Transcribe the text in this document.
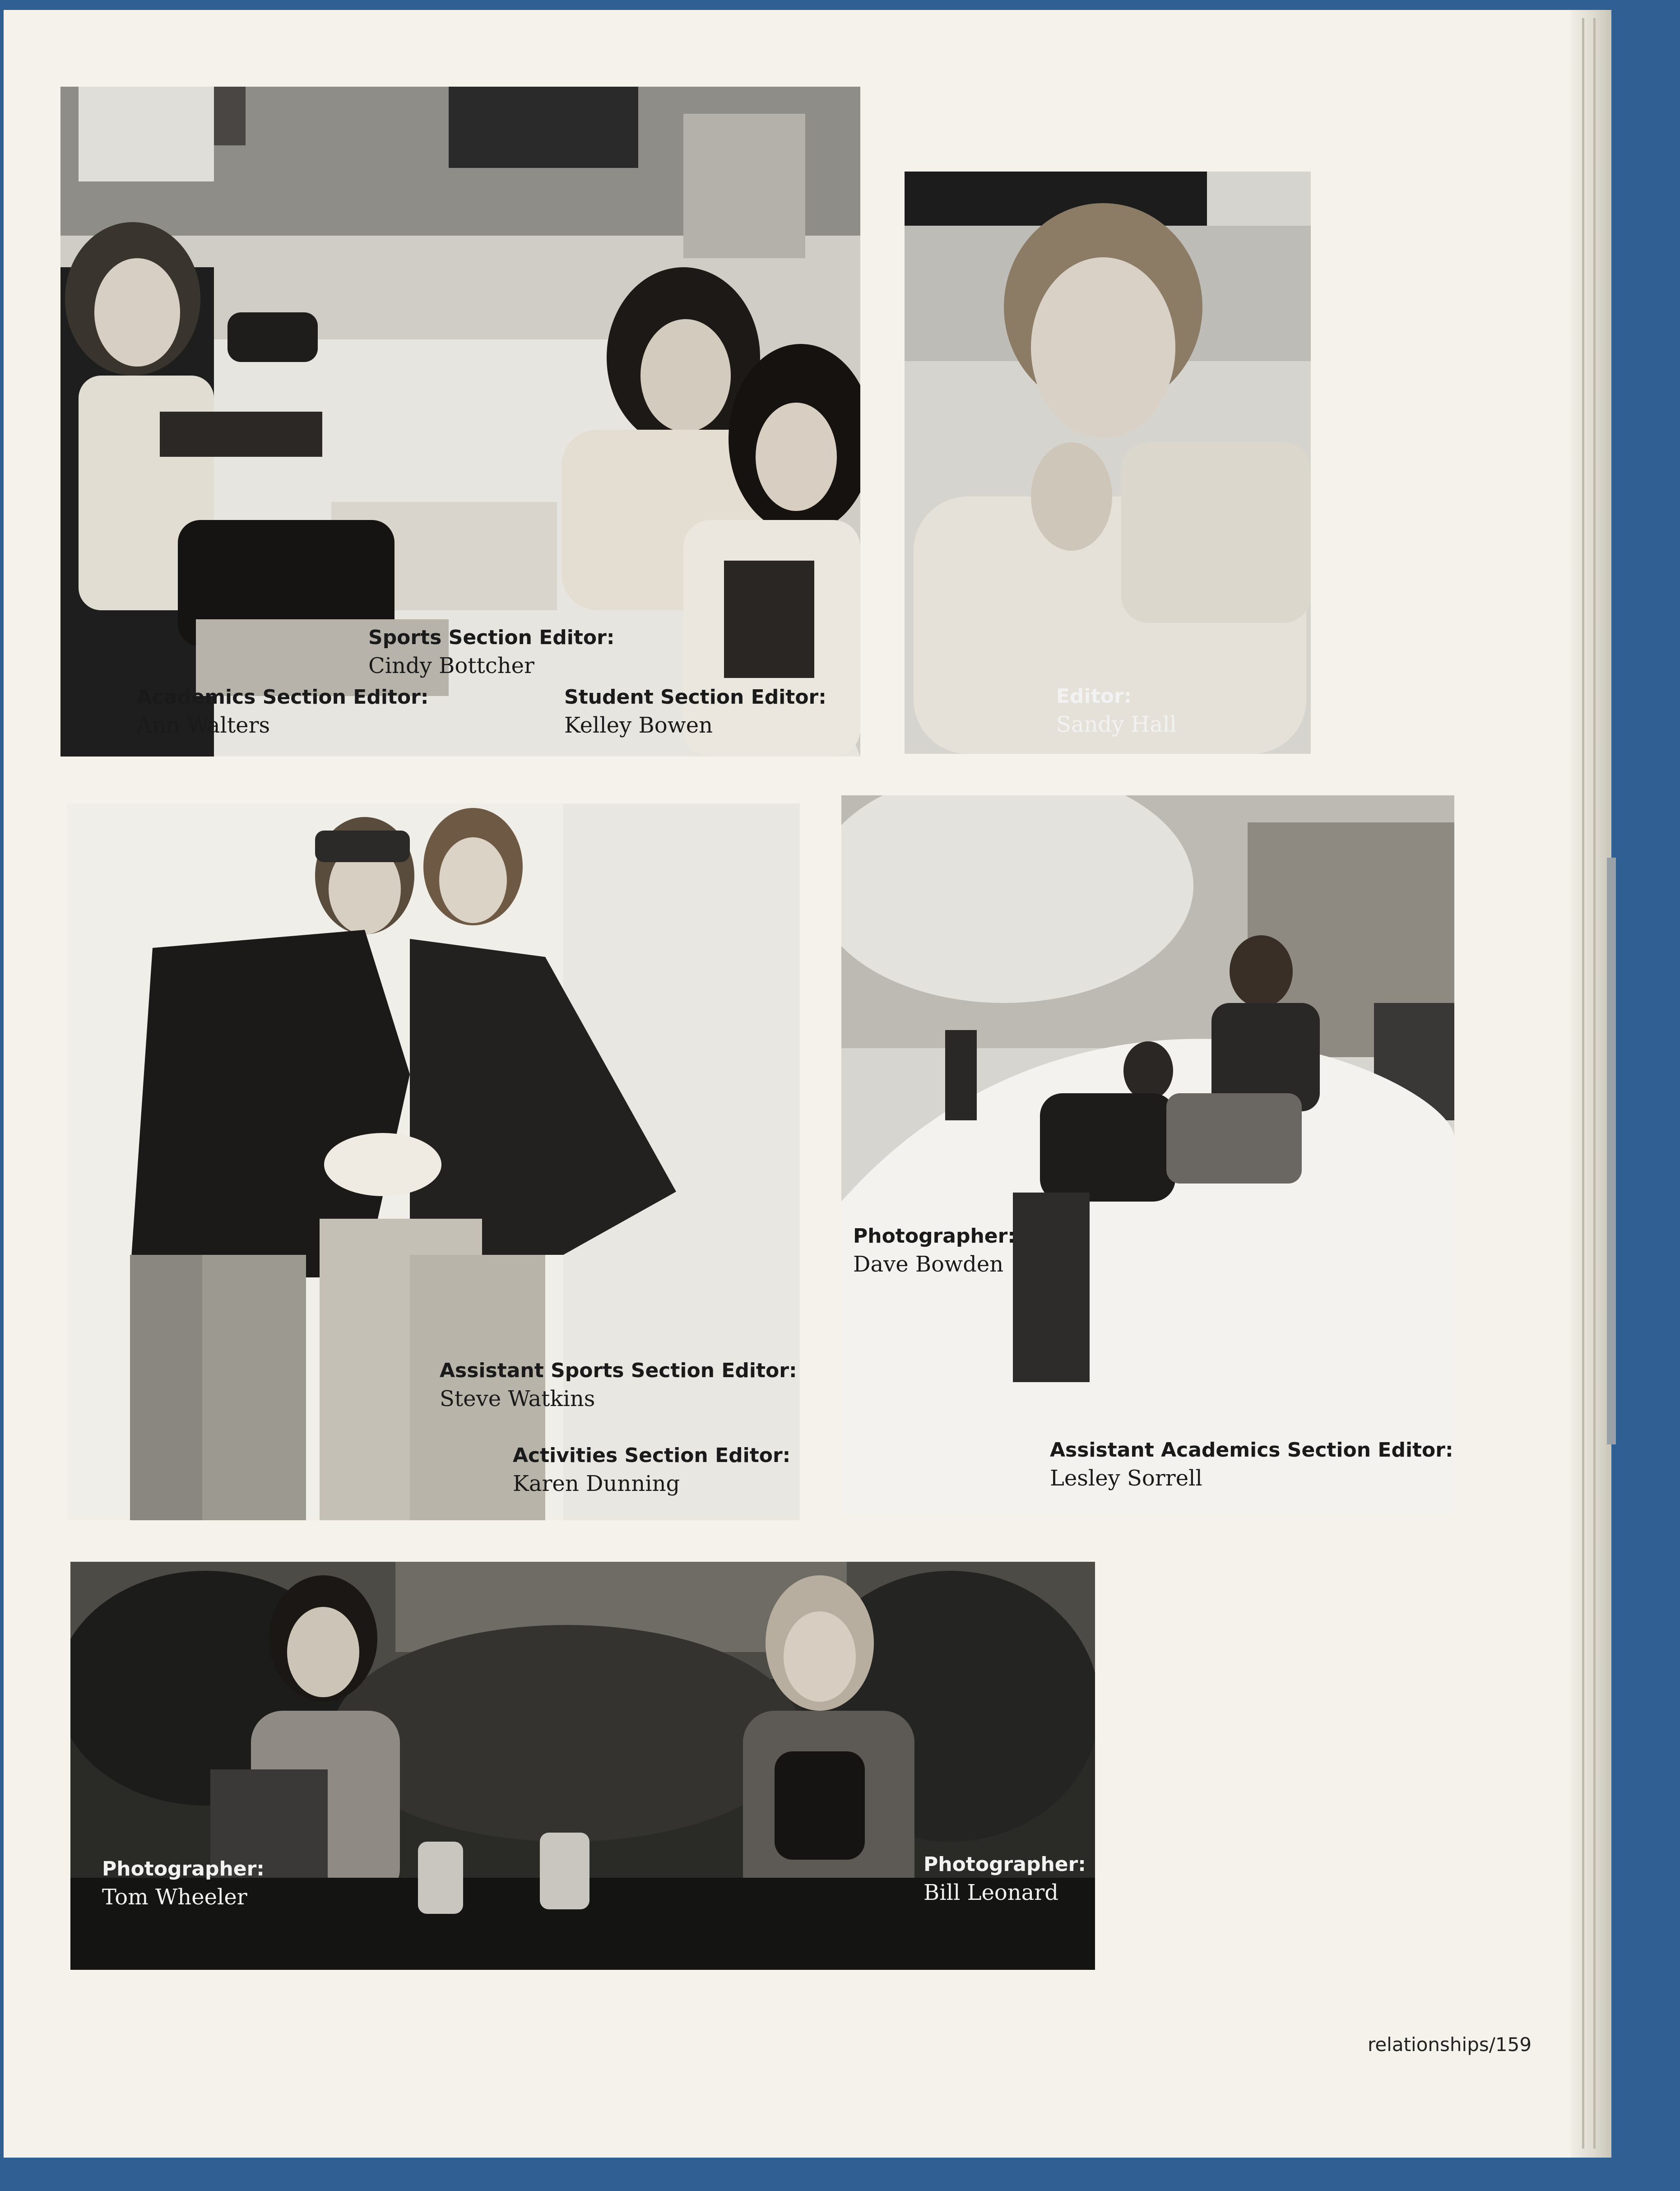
Sports Section Editor:
Cindy Bottcher
Academics Section Editor:
Ann Walters
Student Section Editor:
Kelley Bowen
Editor:
Sandy Hall
Assistant Sports Section Editor:
Steve Watkins
Activities Section Editor:
Karen Dunning
Photographer:
Dave Bowden
Assistant Academics Section Editor:
Lesley Sorrell
Photographer:
Tom Wheeler
Photographer:
Bill Leonard
relationships/159
